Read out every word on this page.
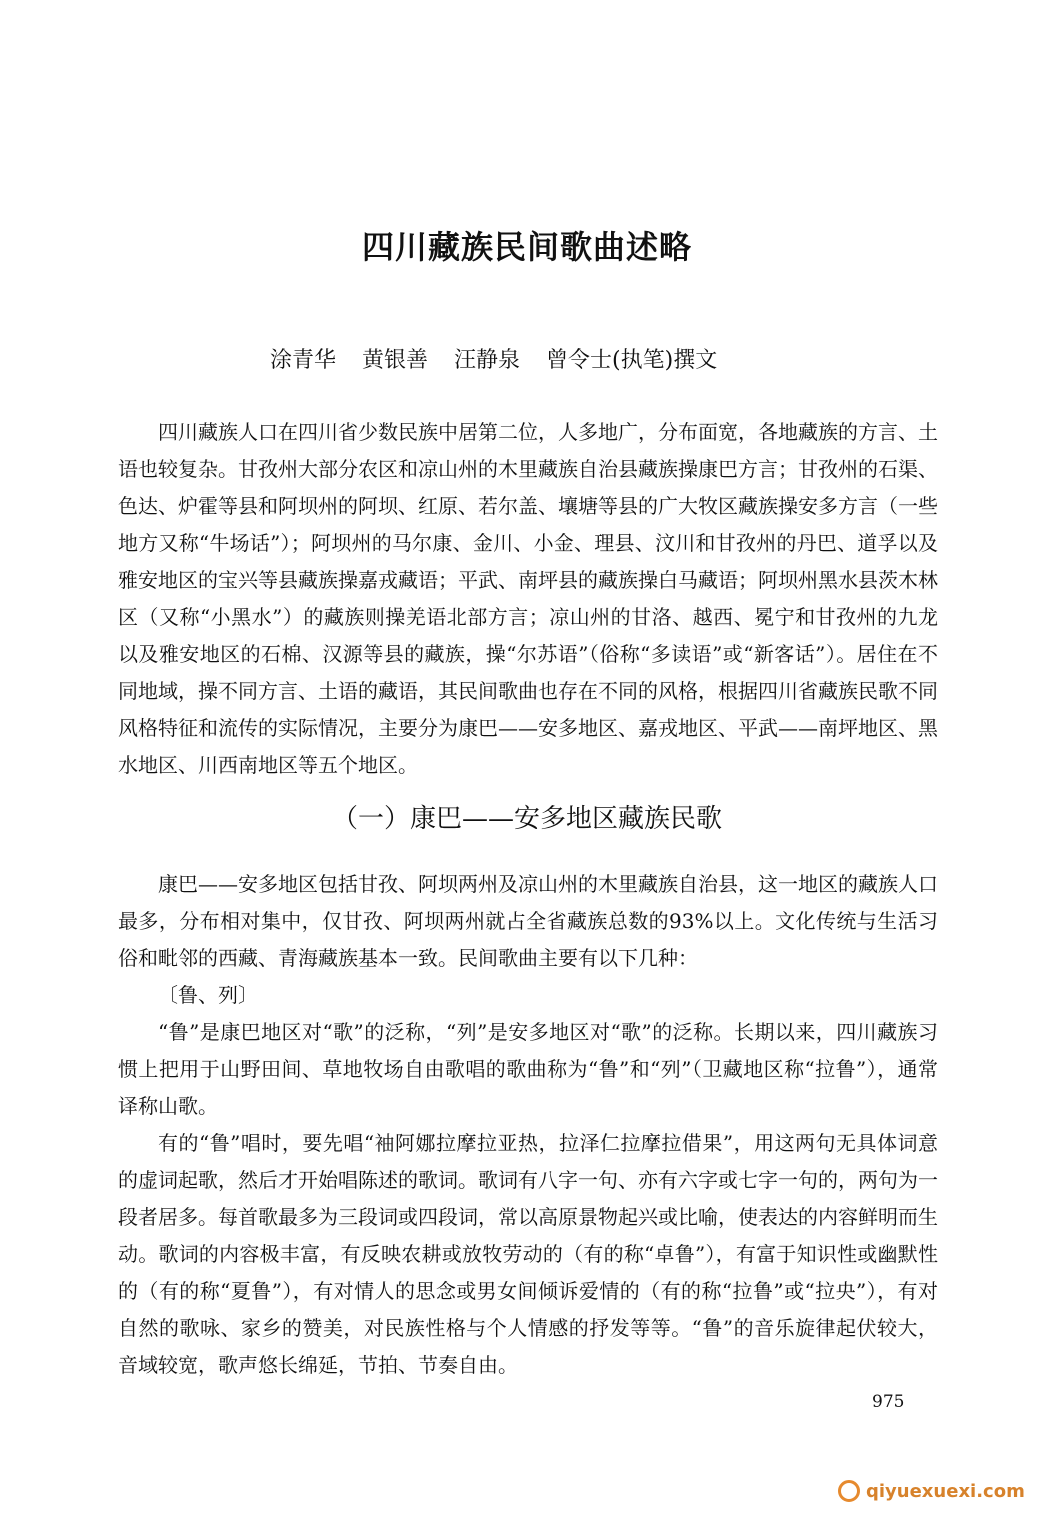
四川藏族民间歌曲述略
涂青华 黄银善 汪静泉 曾令士(执笔)撰文

四川藏族人口在四川省少数民族中居第二位，人多地广，分布面宽，各地藏族的方言、土语也较复杂。甘孜州大部分农区和凉山州的木里藏族自治县藏族操康巴方言；甘孜州的石渠、色达、炉霍等县和阿坝州的阿坝、红原、若尔盖、壤塘等县的广大牧区藏族操安多方言（一些地方又称“牛场话”）；阿坝州的马尔康、金川、小金、理县、汶川和甘孜州的丹巴、道孚以及雅安地区的宝兴等县藏族操嘉戎藏语；平武、南坪县的藏族操白马藏语；阿坝州黑水县茨木林区（又称“小黑水”）的藏族则操羌语北部方言；凉山州的甘洛、越西、冕宁和甘孜州的九龙以及雅安地区的石棉、汉源等县的藏族，操“尔苏语”（俗称“多读语”或“新客话”）。居住在不同地域，操不同方言、土语的藏语，其民间歌曲也存在不同的风格，根据四川省藏族民歌不同风格特征和流传的实际情况，主要分为康巴——安多地区、嘉戎地区、平武——南坪地区、黑水地区、川西南地区等五个地区。

（一）康巴——安多地区藏族民歌

康巴——安多地区包括甘孜、阿坝两州及凉山州的木里藏族自治县，这一地区的藏族人口最多，分布相对集中，仅甘孜、阿坝两州就占全省藏族总数的93%以上。文化传统与生活习俗和毗邻的西藏、青海藏族基本一致。民间歌曲主要有以下几种：

〔鲁、列〕

“鲁”是康巴地区对“歌”的泛称，“列”是安多地区对“歌”的泛称。长期以来，四川藏族习惯上把用于山野田间、草地牧场自由歌唱的歌曲称为“鲁”和“列”（卫藏地区称“拉鲁”），通常译称山歌。

有的“鲁”唱时，要先唱“袖阿娜拉摩拉亚热，拉泽仁拉摩拉借果”，用这两句无具体词意的虚词起歌，然后才开始唱陈述的歌词。歌词有八字一句、亦有六字或七字一句的，两句为一段者居多。每首歌最多为三段词或四段词，常以高原景物起兴或比喻，使表达的内容鲜明而生动。歌词的内容极丰富，有反映农耕或放牧劳动的（有的称“卓鲁”），有富于知识性或幽默性的（有的称“夏鲁”），有对情人的思念或男女间倾诉爱情的（有的称“拉鲁”或“拉央”），有对自然的歌咏、家乡的赞美，对民族性格与个人情感的抒发等等。“鲁”的音乐旋律起伏较大，音域较宽，歌声悠长绵延，节拍、节奏自由。

975
qiyuexuexi.com
